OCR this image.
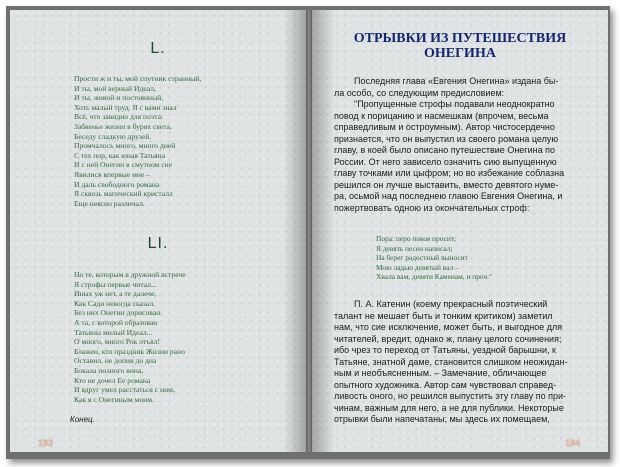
L.
Прости ж и ты, мой спутник странный,
И ты, мой верный Идеал,
И ты, живой и постоянный,
Хоть малый труд. Я с вами знал
Всё, что завидно для поэта:
Забвенье жизни в бурях света,
Беседу сладкую друзей.
Промчалось много, много дней
С тех пор, как юная Татьяна
И с ней Онегин в смутном сне
Явилися впервые мне –
И даль свободного романа
Я сквозь магический кристалл
Еще неясно различал.
LI.
Но те, которым в дружной встрече
Я строфы первые читал...
Иных уж нет, а те далече,
Как Сади некогда сказал.
Без них Онегин дорисован.
А та, с которой образован
Татьяны милый Идеал...
О много, много Рок отъял!
Блажен, кто праздник Жизни рано
Оставил, не допив до дна
Бокала полного вина,
Кто не дочел Ее романа
И вдруг умел расстаться с ним,
Как я с Онегиным моим.
Конец.
193
ОТРЫВКИ ИЗ ПУТЕШЕСТВИЯ
ОНЕГИНА
Последняя глава «Евгения Онегина» издана бы-
ла особо, со следующим предисловием:
"Пропущенные строфы подавали неоднократно
повод к порицанию и насмешкам (впрочем, весьма
справедливым и остроумным). Автор чистосердечно
признается, что он выпустил из своего романа целую
главу, в коей было описано путешествие Онегина по
России. От него зависело означить сию выпущенную
главу точками или цыфром; но во избежание соблазна
решился он лучше выставить, вместо девятого нуме-
ра, осьмой над последнею главою Евгения Онегина, и
пожертвовать одною из окончательных строф:
Пора: перо покоя просит;
Я девять песен написал;
На берег радостный выносит
Мою ладью девятый вал –
Хвала вам, девяти Каменам, и проч."
П. А. Катенин (коему прекрасный поэтический
талант не мешает быть и тонким критиком) заметил
нам, что сие исключение, может быть, и выгодное для
читателей, вредит, однако ж, плану целого сочинения;
ибо чрез то переход от Татьяны, уездной барышни, к
Татьяне, знатной даме, становится слишком неожидан-
ным и необъясненным. – Замечание, обличающее
опытного художника. Автор сам чувствовал справед-
ливость оного, но решился выпустить эту главу по при-
чинам, важным для него, а не для публики. Некоторые
отрывки были напечатаны; мы здесь их помещаем,
194
